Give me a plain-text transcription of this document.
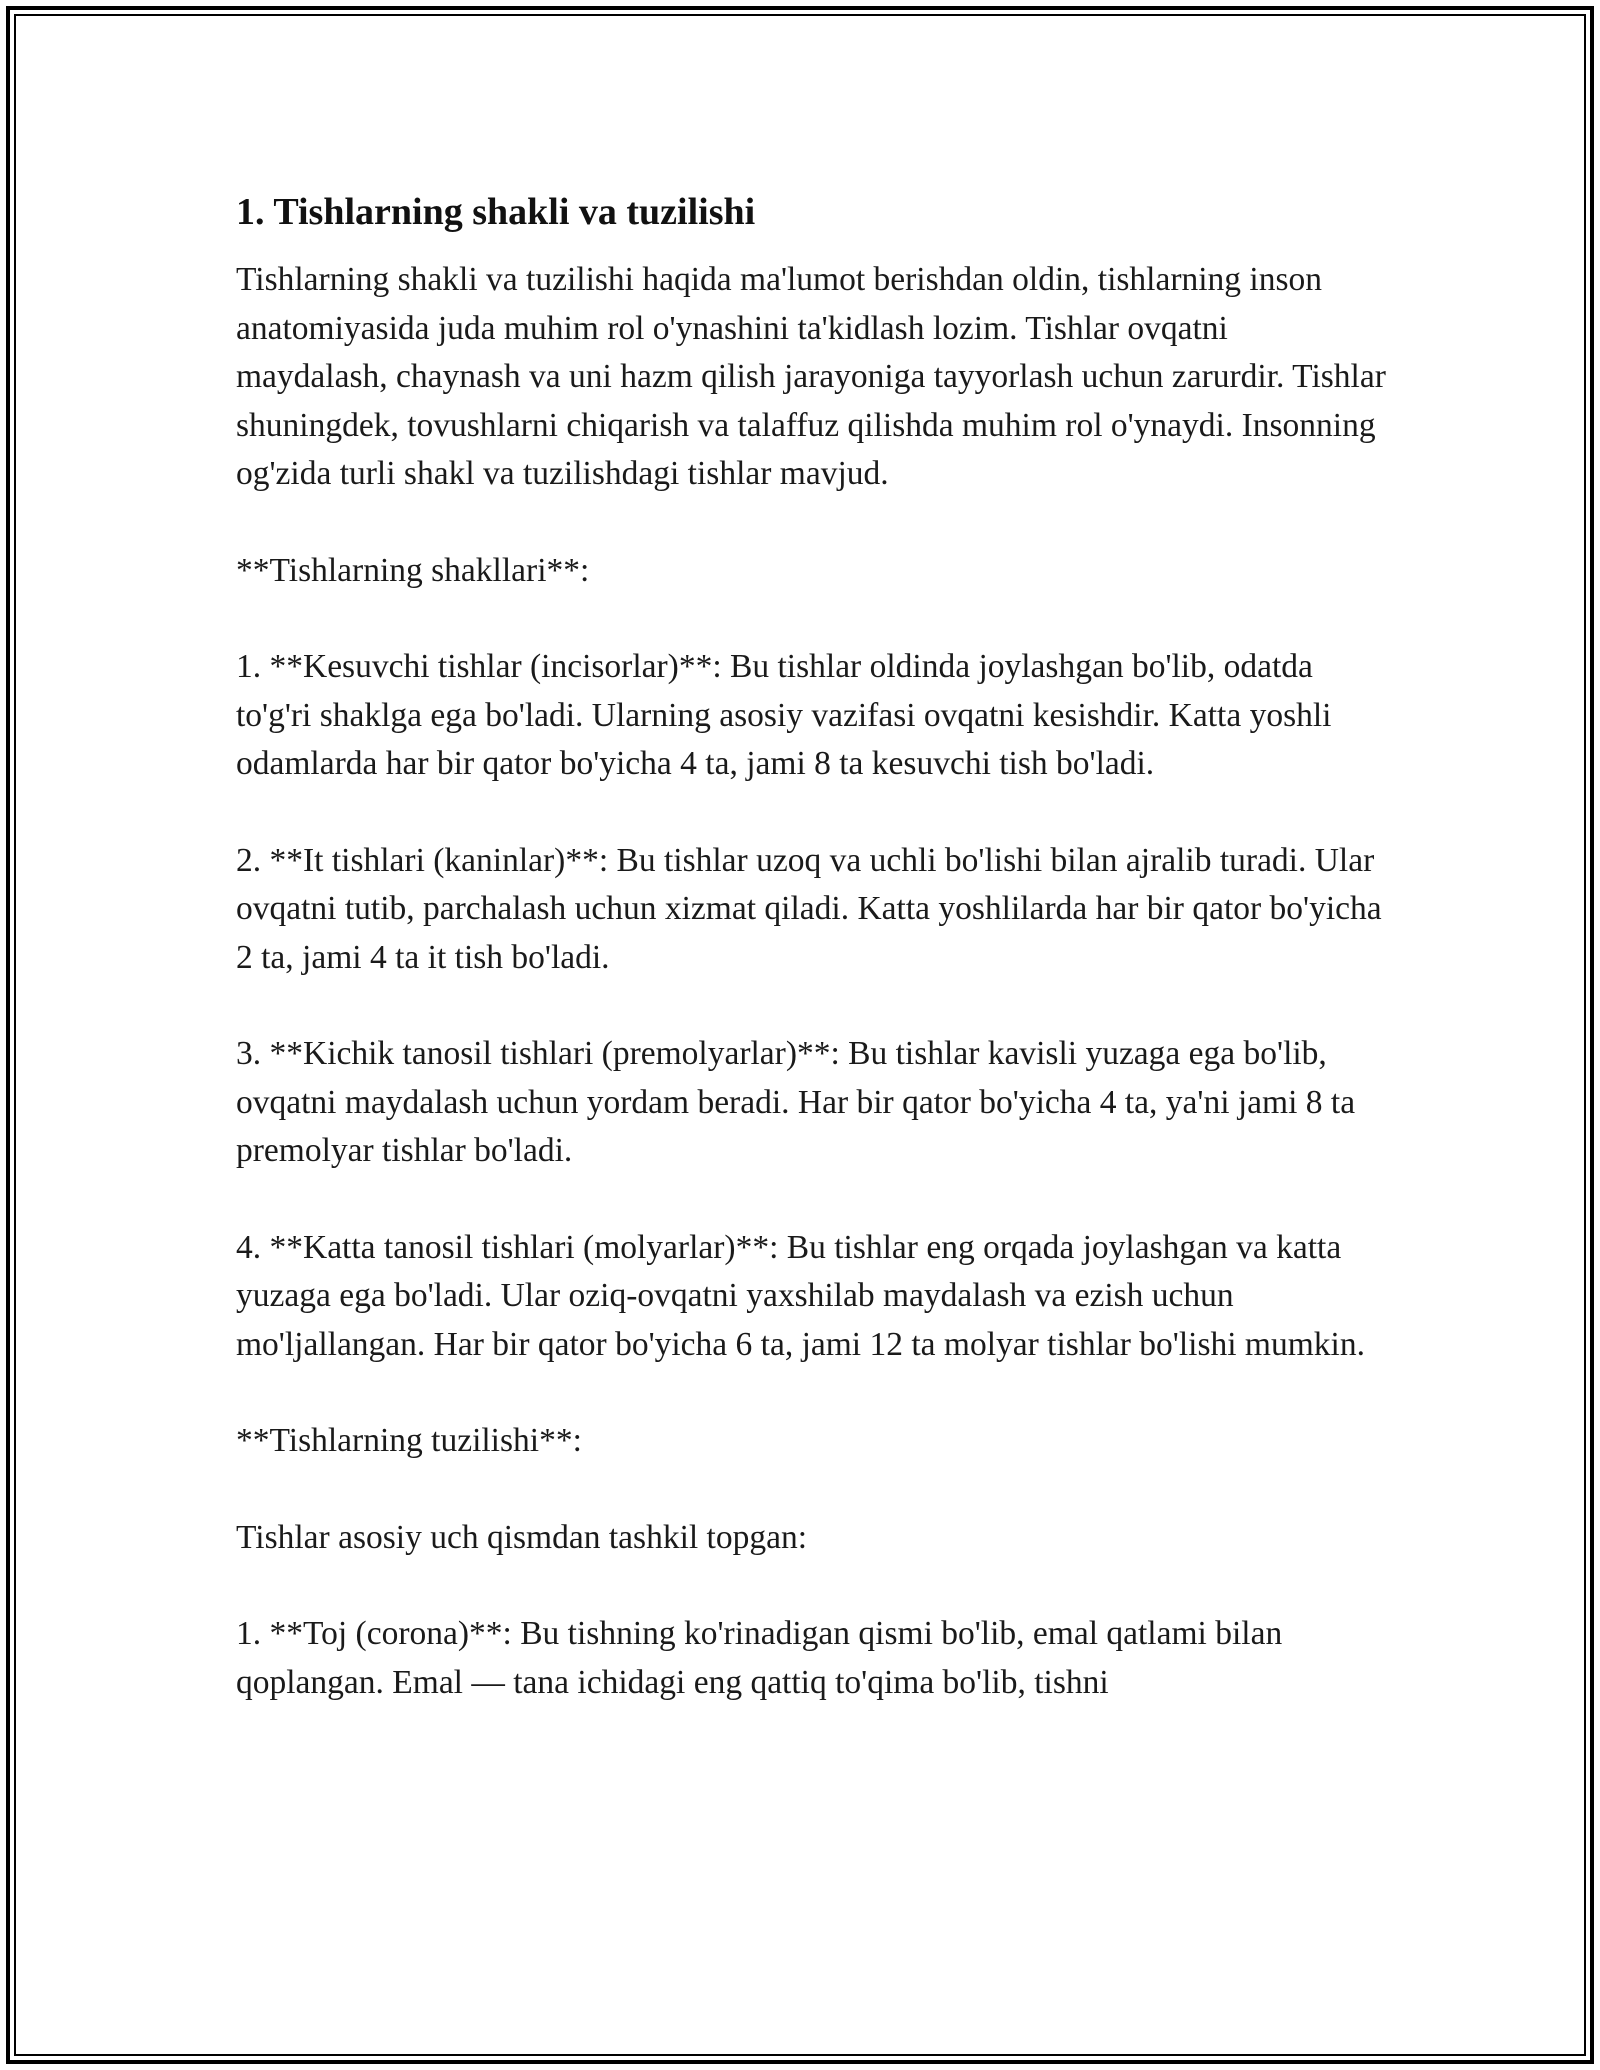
1. Tishlarning shakli va tuzilishi

Tishlarning shakli va tuzilishi haqida ma'lumot berishdan oldin, tishlarning inson anatomiyasida juda muhim rol o'ynashini ta'kidlash lozim. Tishlar ovqatni maydalash, chaynash va uni hazm qilish jarayoniga tayyorlash uchun zarurdir. Tishlar shuningdek, tovushlarni chiqarish va talaffuz qilishda muhim rol o'ynaydi. Insonning og'zida turli shakl va tuzilishdagi tishlar mavjud.

**Tishlarning shakllari**:

1. **Kesuvchi tishlar (incisorlar)**: Bu tishlar oldinda joylashgan bo'lib, odatda to'g'ri shaklga ega bo'ladi. Ularning asosiy vazifasi ovqatni kesishdir. Katta yoshli odamlarda har bir qator bo'yicha 4 ta, jami 8 ta kesuvchi tish bo'ladi.

2. **It tishlari (kaninlar)**: Bu tishlar uzoq va uchli bo'lishi bilan ajralib turadi. Ular ovqatni tutib, parchalash uchun xizmat qiladi. Katta yoshlilarda har bir qator bo'yicha 2 ta, jami 4 ta it tish bo'ladi.

3. **Kichik tanosil tishlari (premolyarlar)**: Bu tishlar kavisli yuzaga ega bo'lib, ovqatni maydalash uchun yordam beradi. Har bir qator bo'yicha 4 ta, ya'ni jami 8 ta premolyar tishlar bo'ladi.

4. **Katta tanosil tishlari (molyarlar)**: Bu tishlar eng orqada joylashgan va katta yuzaga ega bo'ladi. Ular oziq-ovqatni yaxshilab maydalash va ezish uchun mo'ljallangan. Har bir qator bo'yicha 6 ta, jami 12 ta molyar tishlar bo'lishi mumkin.

**Tishlarning tuzilishi**:

Tishlar asosiy uch qismdan tashkil topgan:

1. **Toj (corona)**: Bu tishning ko'rinadigan qismi bo'lib, emal qatlami bilan qoplangan. Emal — tana ichidagi eng qattiq to'qima bo'lib, tishni
